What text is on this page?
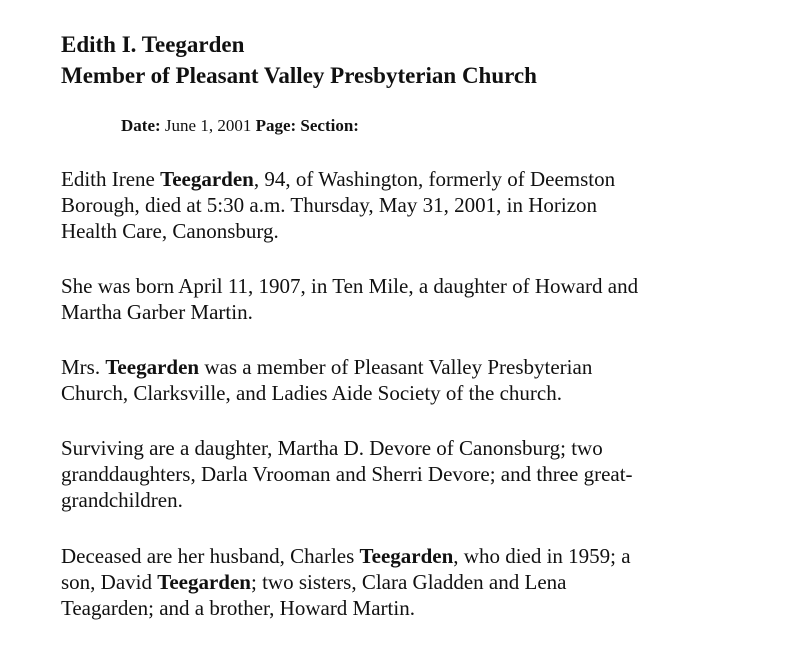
Edith I. Teegarden
Member of Pleasant Valley Presbyterian Church
Date: June 1, 2001 Page: Section:

Edith Irene Teegarden, 94, of Washington, formerly of Deemston
Borough, died at 5:30 a.m. Thursday, May 31, 2001, in Horizon
Health Care, Canonsburg.

She was born April 11, 1907, in Ten Mile, a daughter of Howard and
Martha Garber Martin.

Mrs. Teegarden was a member of Pleasant Valley Presbyterian
Church, Clarksville, and Ladies Aide Society of the church.

Surviving are a daughter, Martha D. Devore of Canonsburg; two
granddaughters, Darla Vrooman and Sherri Devore; and three great-
grandchildren.

Deceased are her husband, Charles Teegarden, who died in 1959; a
son, David Teegarden; two sisters, Clara Gladden and Lena
Teagarden; and a brother, Howard Martin.
